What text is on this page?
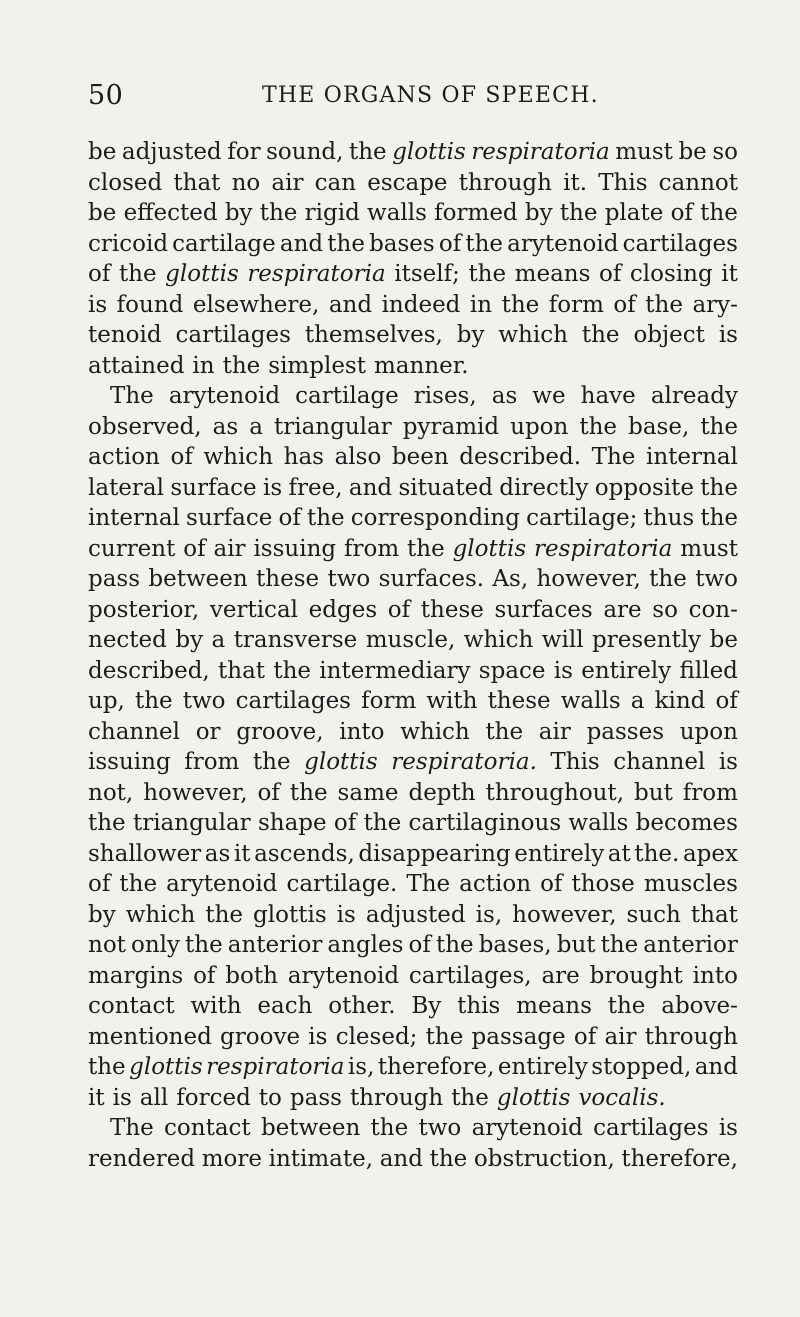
50	THE ORGANS OF SPEECH.
be adjusted for sound, the glottis respiratoria must be so
closed that no air can escape through it. This cannot
be effected by the rigid walls formed by the plate of the
cricoid cartilage and the bases of the arytenoid cartilages
of the glottis respiratoria itself; the means of closing it
is found elsewhere, and indeed in the form of the ary-
tenoid cartilages themselves, by which the object is
attained in the simplest manner.
The arytenoid cartilage rises, as we have already
observed, as a triangular pyramid upon the base, the
action of which has also been described. The internal
lateral surface is free, and situated directly opposite the
internal surface of the corresponding cartilage; thus the
current of air issuing from the glottis respiratoria must
pass between these two surfaces. As, however, the two
posterior, vertical edges of these surfaces are so con-
nected by a transverse muscle, which will presently be
described, that the intermediary space is entirely filled
up, the two cartilages form with these walls a kind of
channel or groove, into which the air passes upon
issuing from the glottis respiratoria. This channel is
not, however, of the same depth throughout, but from
the triangular shape of the cartilaginous walls becomes
shallower as it ascends, disappearing entirely at the. apex
of the arytenoid cartilage. The action of those muscles
by which the glottis is adjusted is, however, such that
not only the anterior angles of the bases, but the anterior
margins of both arytenoid cartilages, are brought into
contact with each other. By this means the above-
mentioned groove is clesed; the passage of air through
the glottis respiratoria is, therefore, entirely stopped, and
it is all forced to pass through the glottis vocalis.
The contact between the two arytenoid cartilages is
rendered more intimate, and the obstruction, therefore,
